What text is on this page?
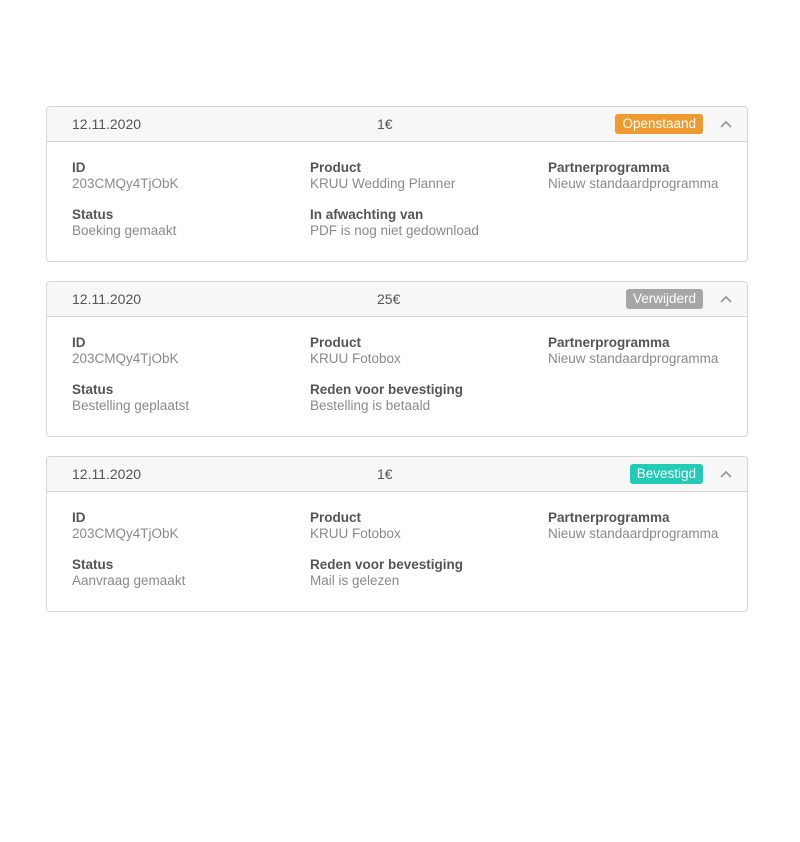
12.11.2020	1€	Openstaand
ID
203CMQy4TjObK
Product
KRUU Wedding Planner
Partnerprogramma
Nieuw standaardprogramma
Status
Boeking gemaakt
In afwachting van
PDF is nog niet gedownload
12.11.2020	25€	Verwijderd
ID
203CMQy4TjObK
Product
KRUU Fotobox
Partnerprogramma
Nieuw standaardprogramma
Status
Bestelling geplaatst
Reden voor bevestiging
Bestelling is betaald
12.11.2020	1€	Bevestigd
ID
203CMQy4TjObK
Product
KRUU Fotobox
Partnerprogramma
Nieuw standaardprogramma
Status
Aanvraag gemaakt
Reden voor bevestiging
Mail is gelezen
